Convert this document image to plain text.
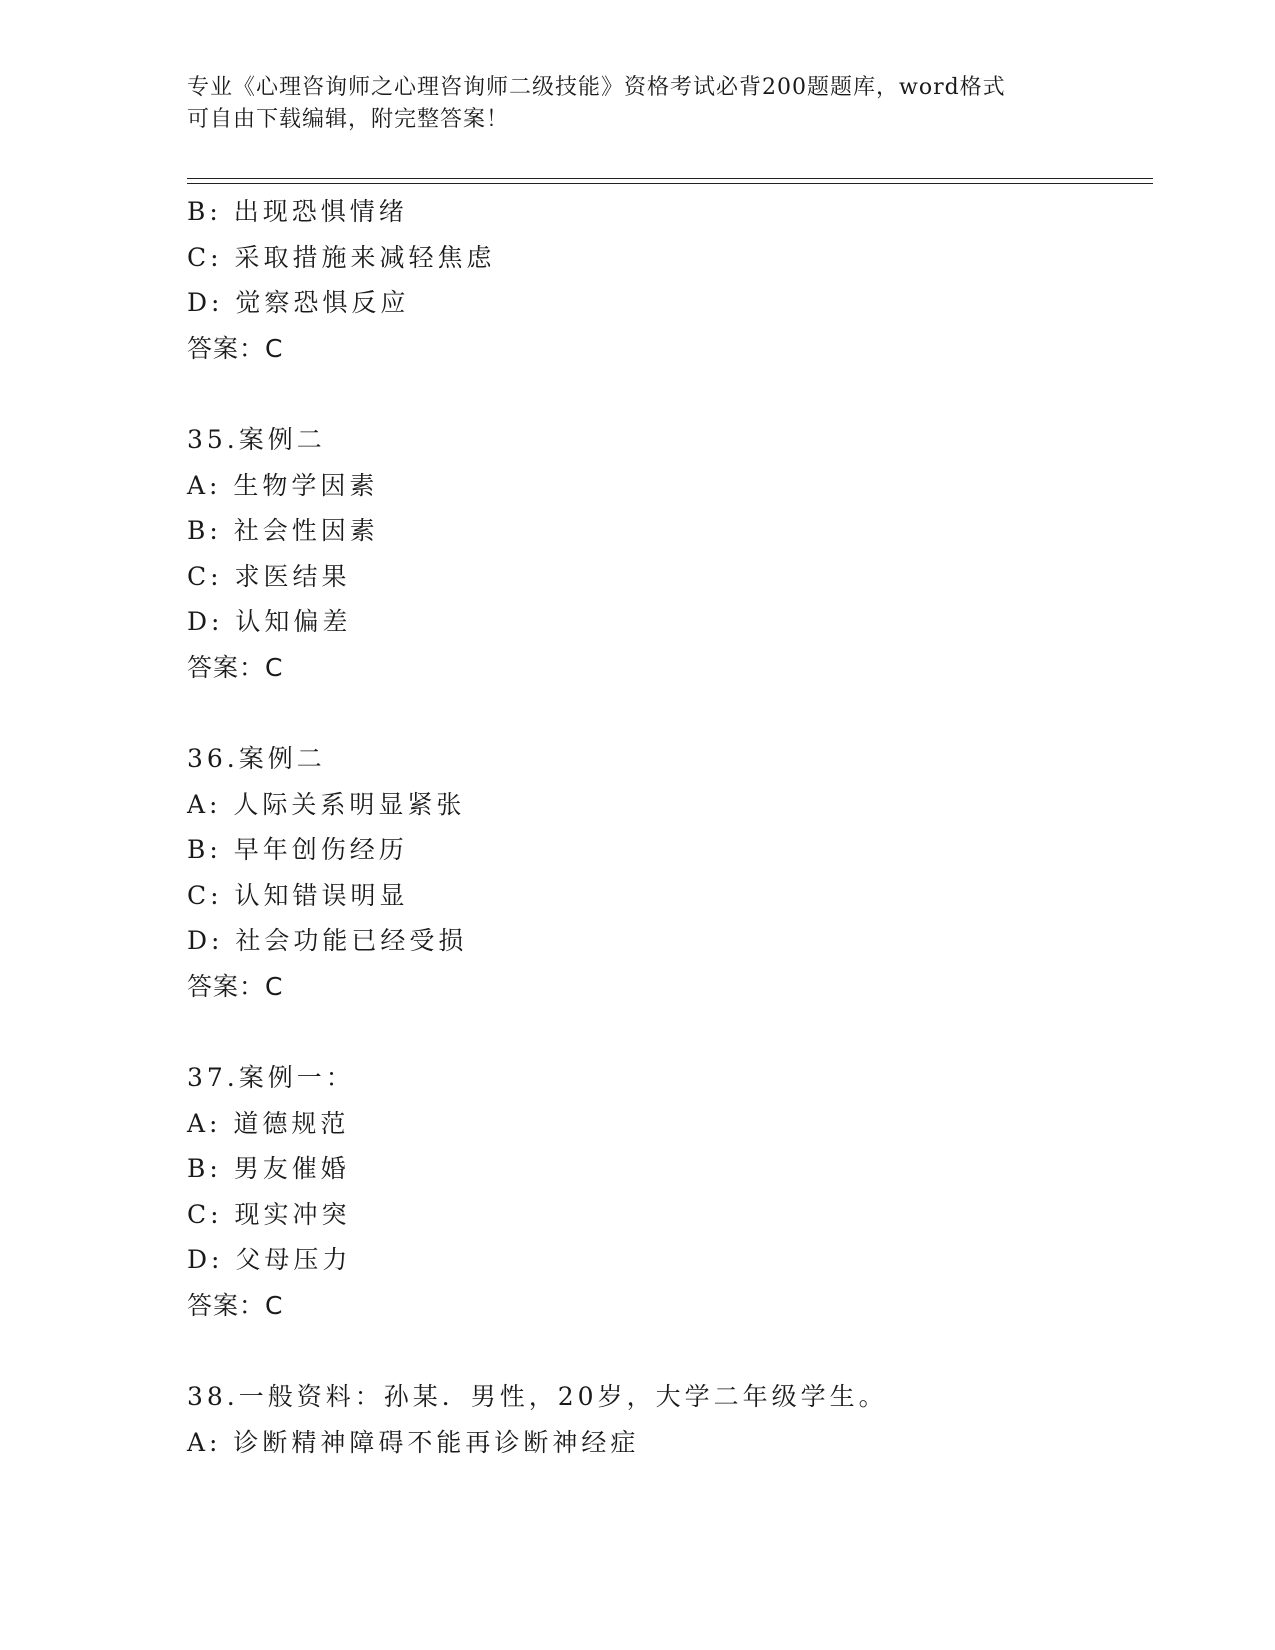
专业《心理咨询师之心理咨询师二级技能》资格考试必背200题题库，word格式
可自由下载编辑，附完整答案！
B: 出现恐惧情绪
C: 采取措施来减轻焦虑
D: 觉察恐惧反应
答案：C
35.案例二
A: 生物学因素
B: 社会性因素
C: 求医结果
D: 认知偏差
答案：C
36.案例二
A: 人际关系明显紧张
B: 早年创伤经历
C: 认知错误明显
D: 社会功能已经受损
答案：C
37.案例一：
A: 道德规范
B: 男友催婚
C: 现实冲突
D: 父母压力
答案：C
38.一般资料：孙某．男性，20岁，大学二年级学生。
A: 诊断精神障碍不能再诊断神经症
